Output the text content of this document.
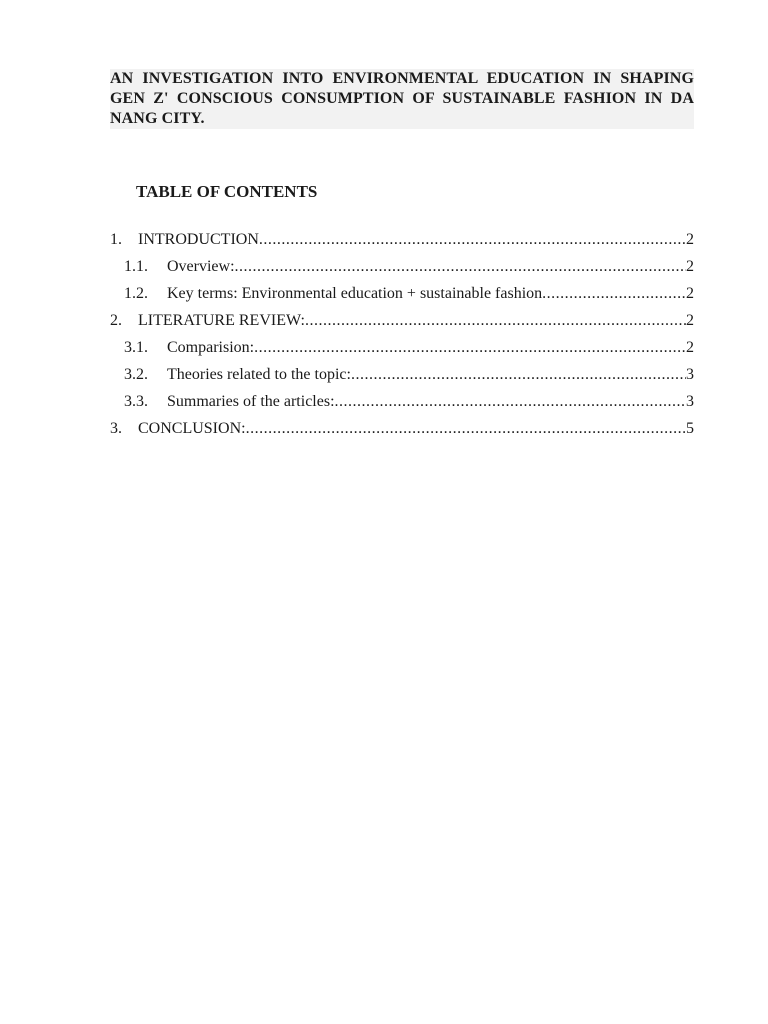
AN INVESTIGATION INTO ENVIRONMENTAL EDUCATION IN SHAPING GEN Z' CONSCIOUS CONSUMPTION OF SUSTAINABLE FASHION IN DA NANG CITY.
TABLE OF CONTENTS
1.	INTRODUCTION .....	2
1.1.	Overview: .....	2
1.2.	Key terms: Environmental education + sustainable fashion .....	2
2.	LITERATURE REVIEW: .....	2
3.1.	Comparision: .....	2
3.2.	Theories related to the topic: .....	3
3.3.	Summaries of the articles: .....	3
3.	CONCLUSION: .....	5
